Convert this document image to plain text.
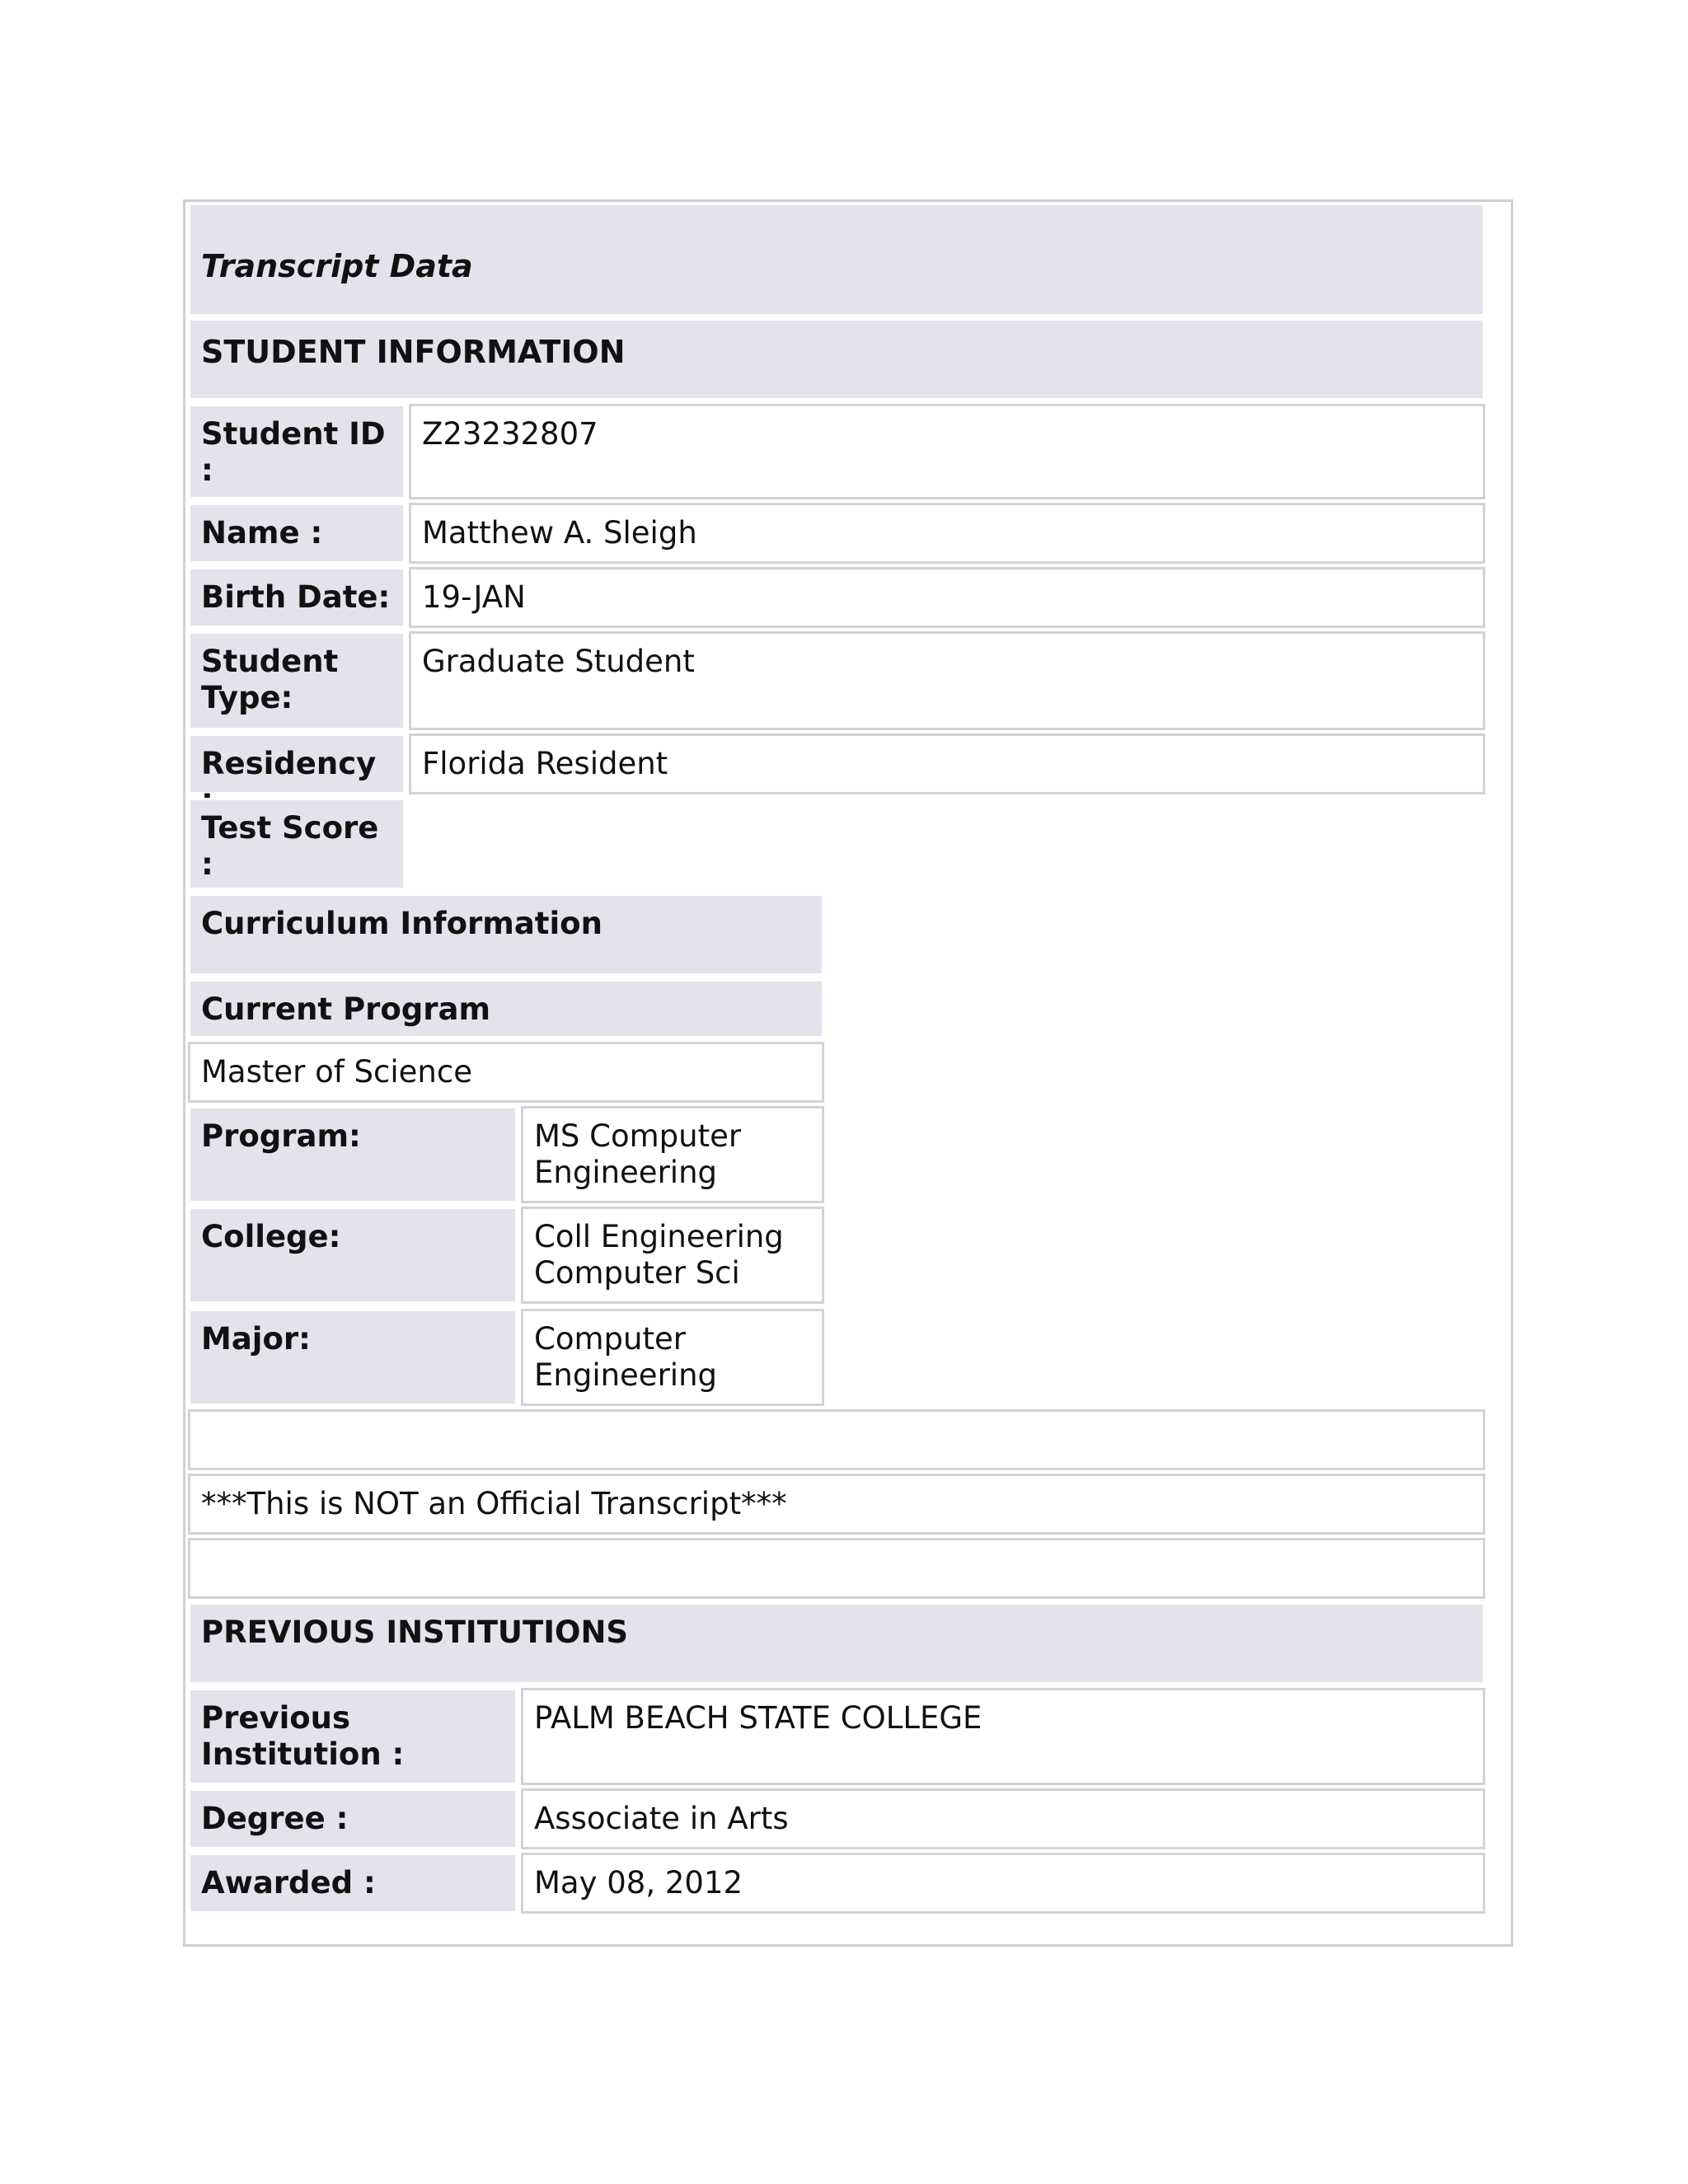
Transcript Data
STUDENT INFORMATION
Student ID :
Z23232807
Name :	Matthew A. Sleigh
Birth Date:	19-JAN
Student Type:
Graduate Student
Residency	Florida Resident
Test Score :
Curriculum Information
Current Program
Master of Science
Program:	MS Computer Engineering
College:	Coll Engineering Computer Sci
Major:	Computer Engineering
***This is NOT an Official Transcript***
PREVIOUS INSTITUTIONS
Previous Institution :
PALM BEACH STATE COLLEGE
Degree :	Associate in Arts
Awarded :	May 08, 2012
